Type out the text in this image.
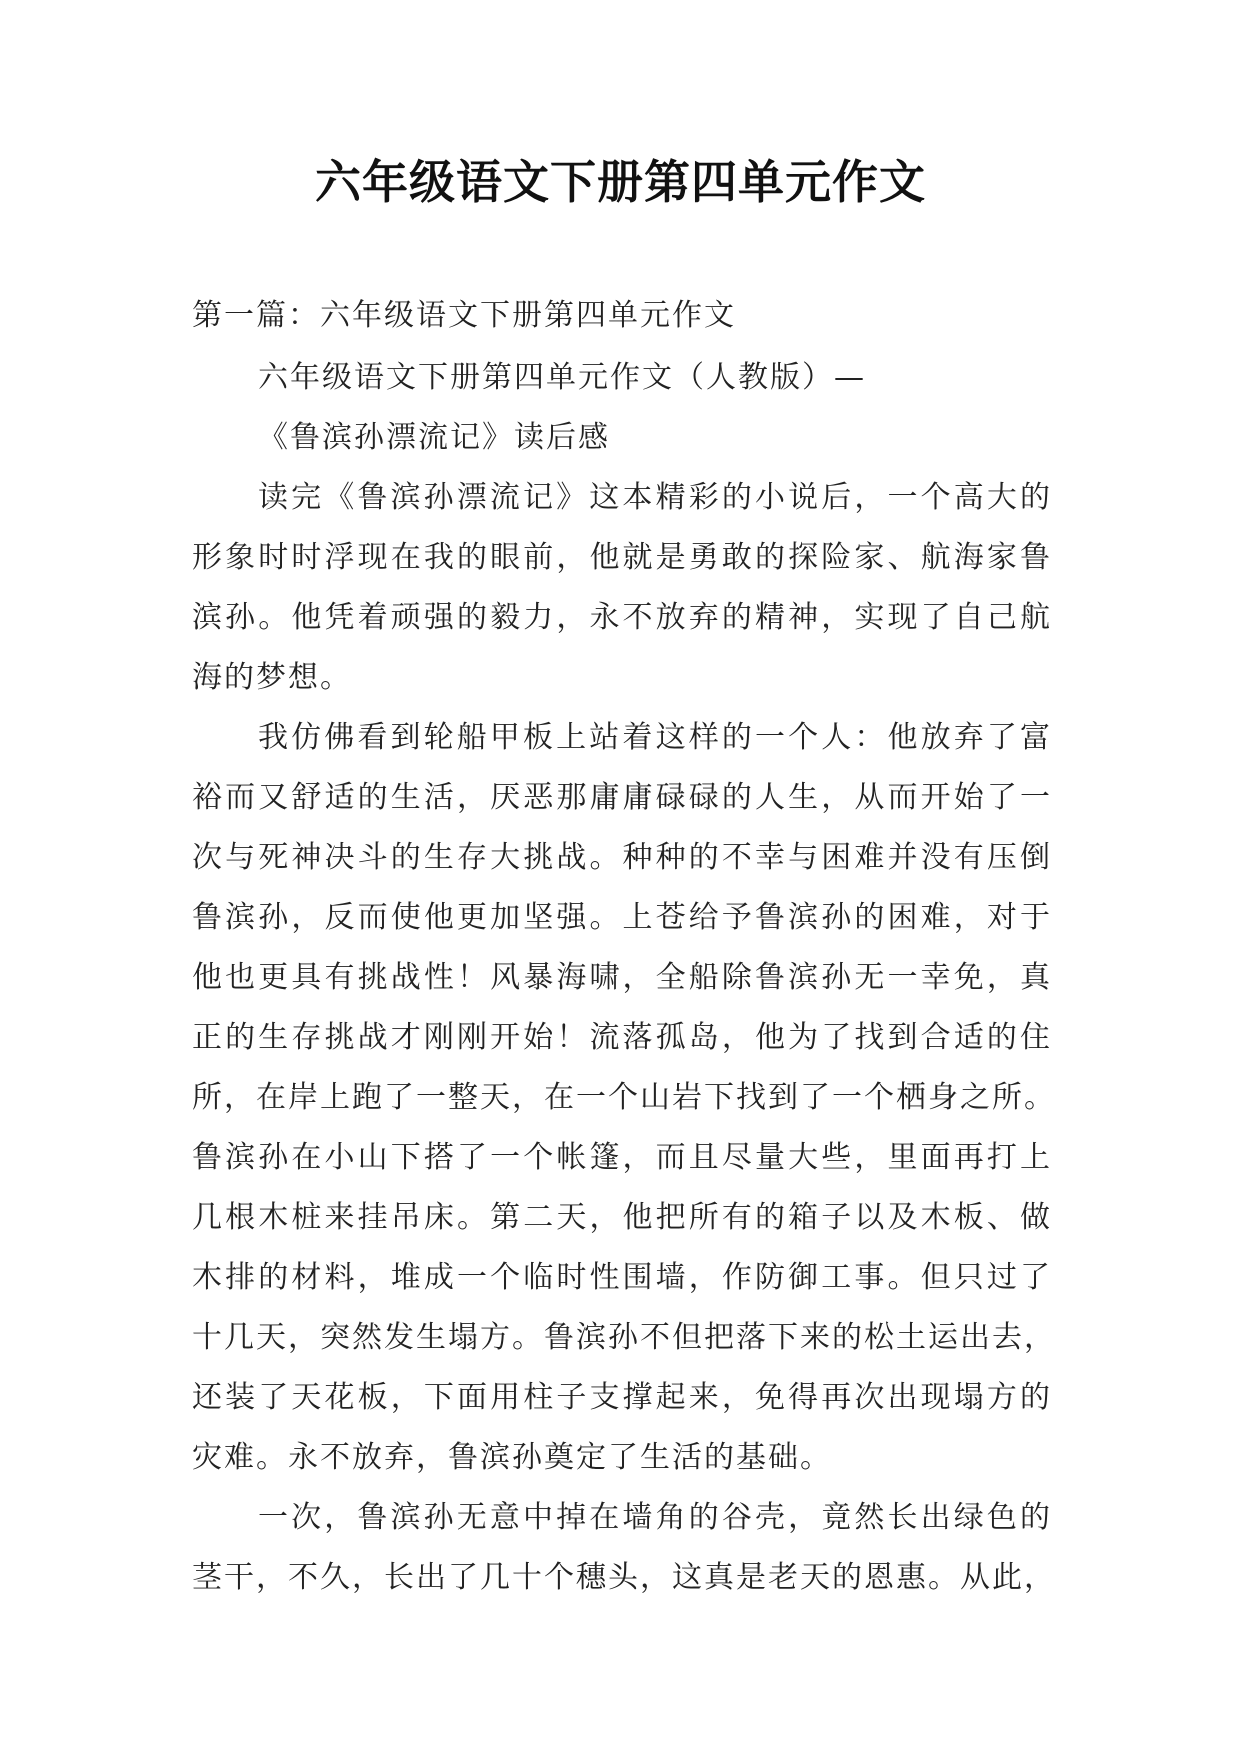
六年级语文下册第四单元作文

第一篇：六年级语文下册第四单元作文

六年级语文下册第四单元作文（人教版）—

《鲁滨孙漂流记》读后感

读完《鲁滨孙漂流记》这本精彩的小说后，一个高大的

形象时时浮现在我的眼前，他就是勇敢的探险家、航海家鲁

滨孙。他凭着顽强的毅力，永不放弃的精神，实现了自己航

海的梦想。

我仿佛看到轮船甲板上站着这样的一个人：他放弃了富

裕而又舒适的生活，厌恶那庸庸碌碌的人生，从而开始了一

次与死神决斗的生存大挑战。种种的不幸与困难并没有压倒

鲁滨孙，反而使他更加坚强。上苍给予鲁滨孙的困难，对于

他也更具有挑战性！风暴海啸，全船除鲁滨孙无一幸免，真

正的生存挑战才刚刚开始！流落孤岛，他为了找到合适的住

所，在岸上跑了一整天，在一个山岩下找到了一个栖身之所。

鲁滨孙在小山下搭了一个帐篷，而且尽量大些，里面再打上

几根木桩来挂吊床。第二天，他把所有的箱子以及木板、做

木排的材料，堆成一个临时性围墙，作防御工事。但只过了

十几天，突然发生塌方。鲁滨孙不但把落下来的松土运出去，

还装了天花板，下面用柱子支撑起来，免得再次出现塌方的

灾难。永不放弃，鲁滨孙奠定了生活的基础。

一次，鲁滨孙无意中掉在墙角的谷壳，竟然长出绿色的

茎干，不久，长出了几十个穗头，这真是老天的恩惠。从此，
